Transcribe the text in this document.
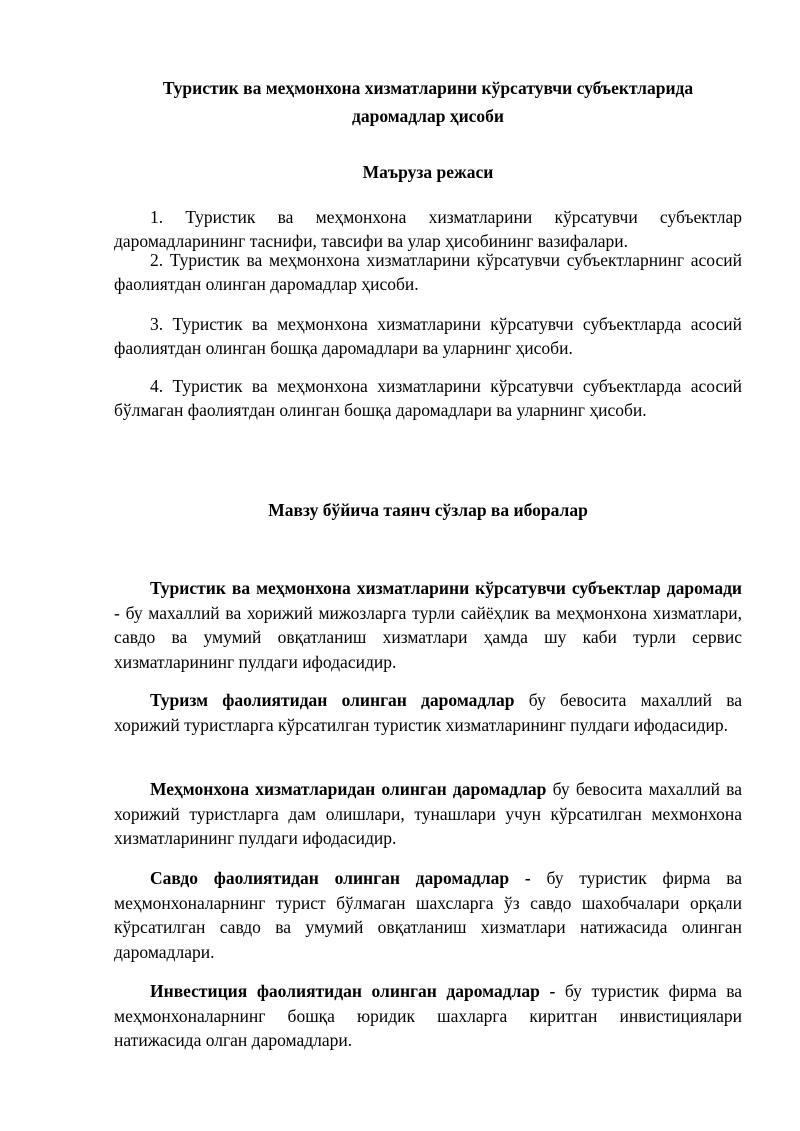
Туристик ва меҳмонхона хизматларини кўрсатувчи субъектларида даромадлар ҳисоби
Маъруза режаси

1. Туристик ва меҳмонхона хизматларини кўрсатувчи субъектлар даромадларининг таснифи, тавсифи ва улар ҳисобининг вазифалари.

2. Туристик ва меҳмонхона хизматларини кўрсатувчи субъектларнинг асосий фаолиятдан олинган даромадлар ҳисоби.

3. Туристик ва меҳмонхона хизматларини кўрсатувчи субъектларда асосий фаолиятдан олинган бошқа даромадлари ва уларнинг ҳисоби.

4. Туристик ва меҳмонхона хизматларини кўрсатувчи субъектларда асосий бўлмаган фаолиятдан олинган бошқа даромадлари ва уларнинг ҳисоби.

Мавзу бўйича таянч сўзлар ва иборалар

Туристик ва меҳмонхона хизматларини кўрсатувчи субъектлар даромади - бу махаллий ва хорижий мижозларга турли сайёҳлик ва меҳмонхона хизматлари, савдо ва умумий овқатланиш хизматлари ҳамда шу каби турли сервис хизматларининг пулдаги ифодасидир.

Туризм фаолиятидан олинган даромадлар бу бевосита махаллий ва хорижий туристларга кўрсатилган туристик хизматларининг пулдаги ифодасидир.

Меҳмонхона хизматларидан олинган даромадлар бу бевосита махаллий ва хорижий туристларга дам олишлари, тунашлари учун кўрсатилган мехмонхона хизматларининг пулдаги ифодасидир.

Савдо фаолиятидан олинган даромадлар - бу туристик фирма ва меҳмонхоналарнинг турист бўлмаган шахсларга ўз савдо шахобчалари орқали кўрсатилган савдо ва умумий овқатланиш хизматлари натижасида олинган даромадлари.

Инвестиция фаолиятидан олинган даромадлар - бу туристик фирма ва меҳмонхоналарнинг бошқа юридик шахларга киритган инвистициялари натижасида олган даромадлари.
